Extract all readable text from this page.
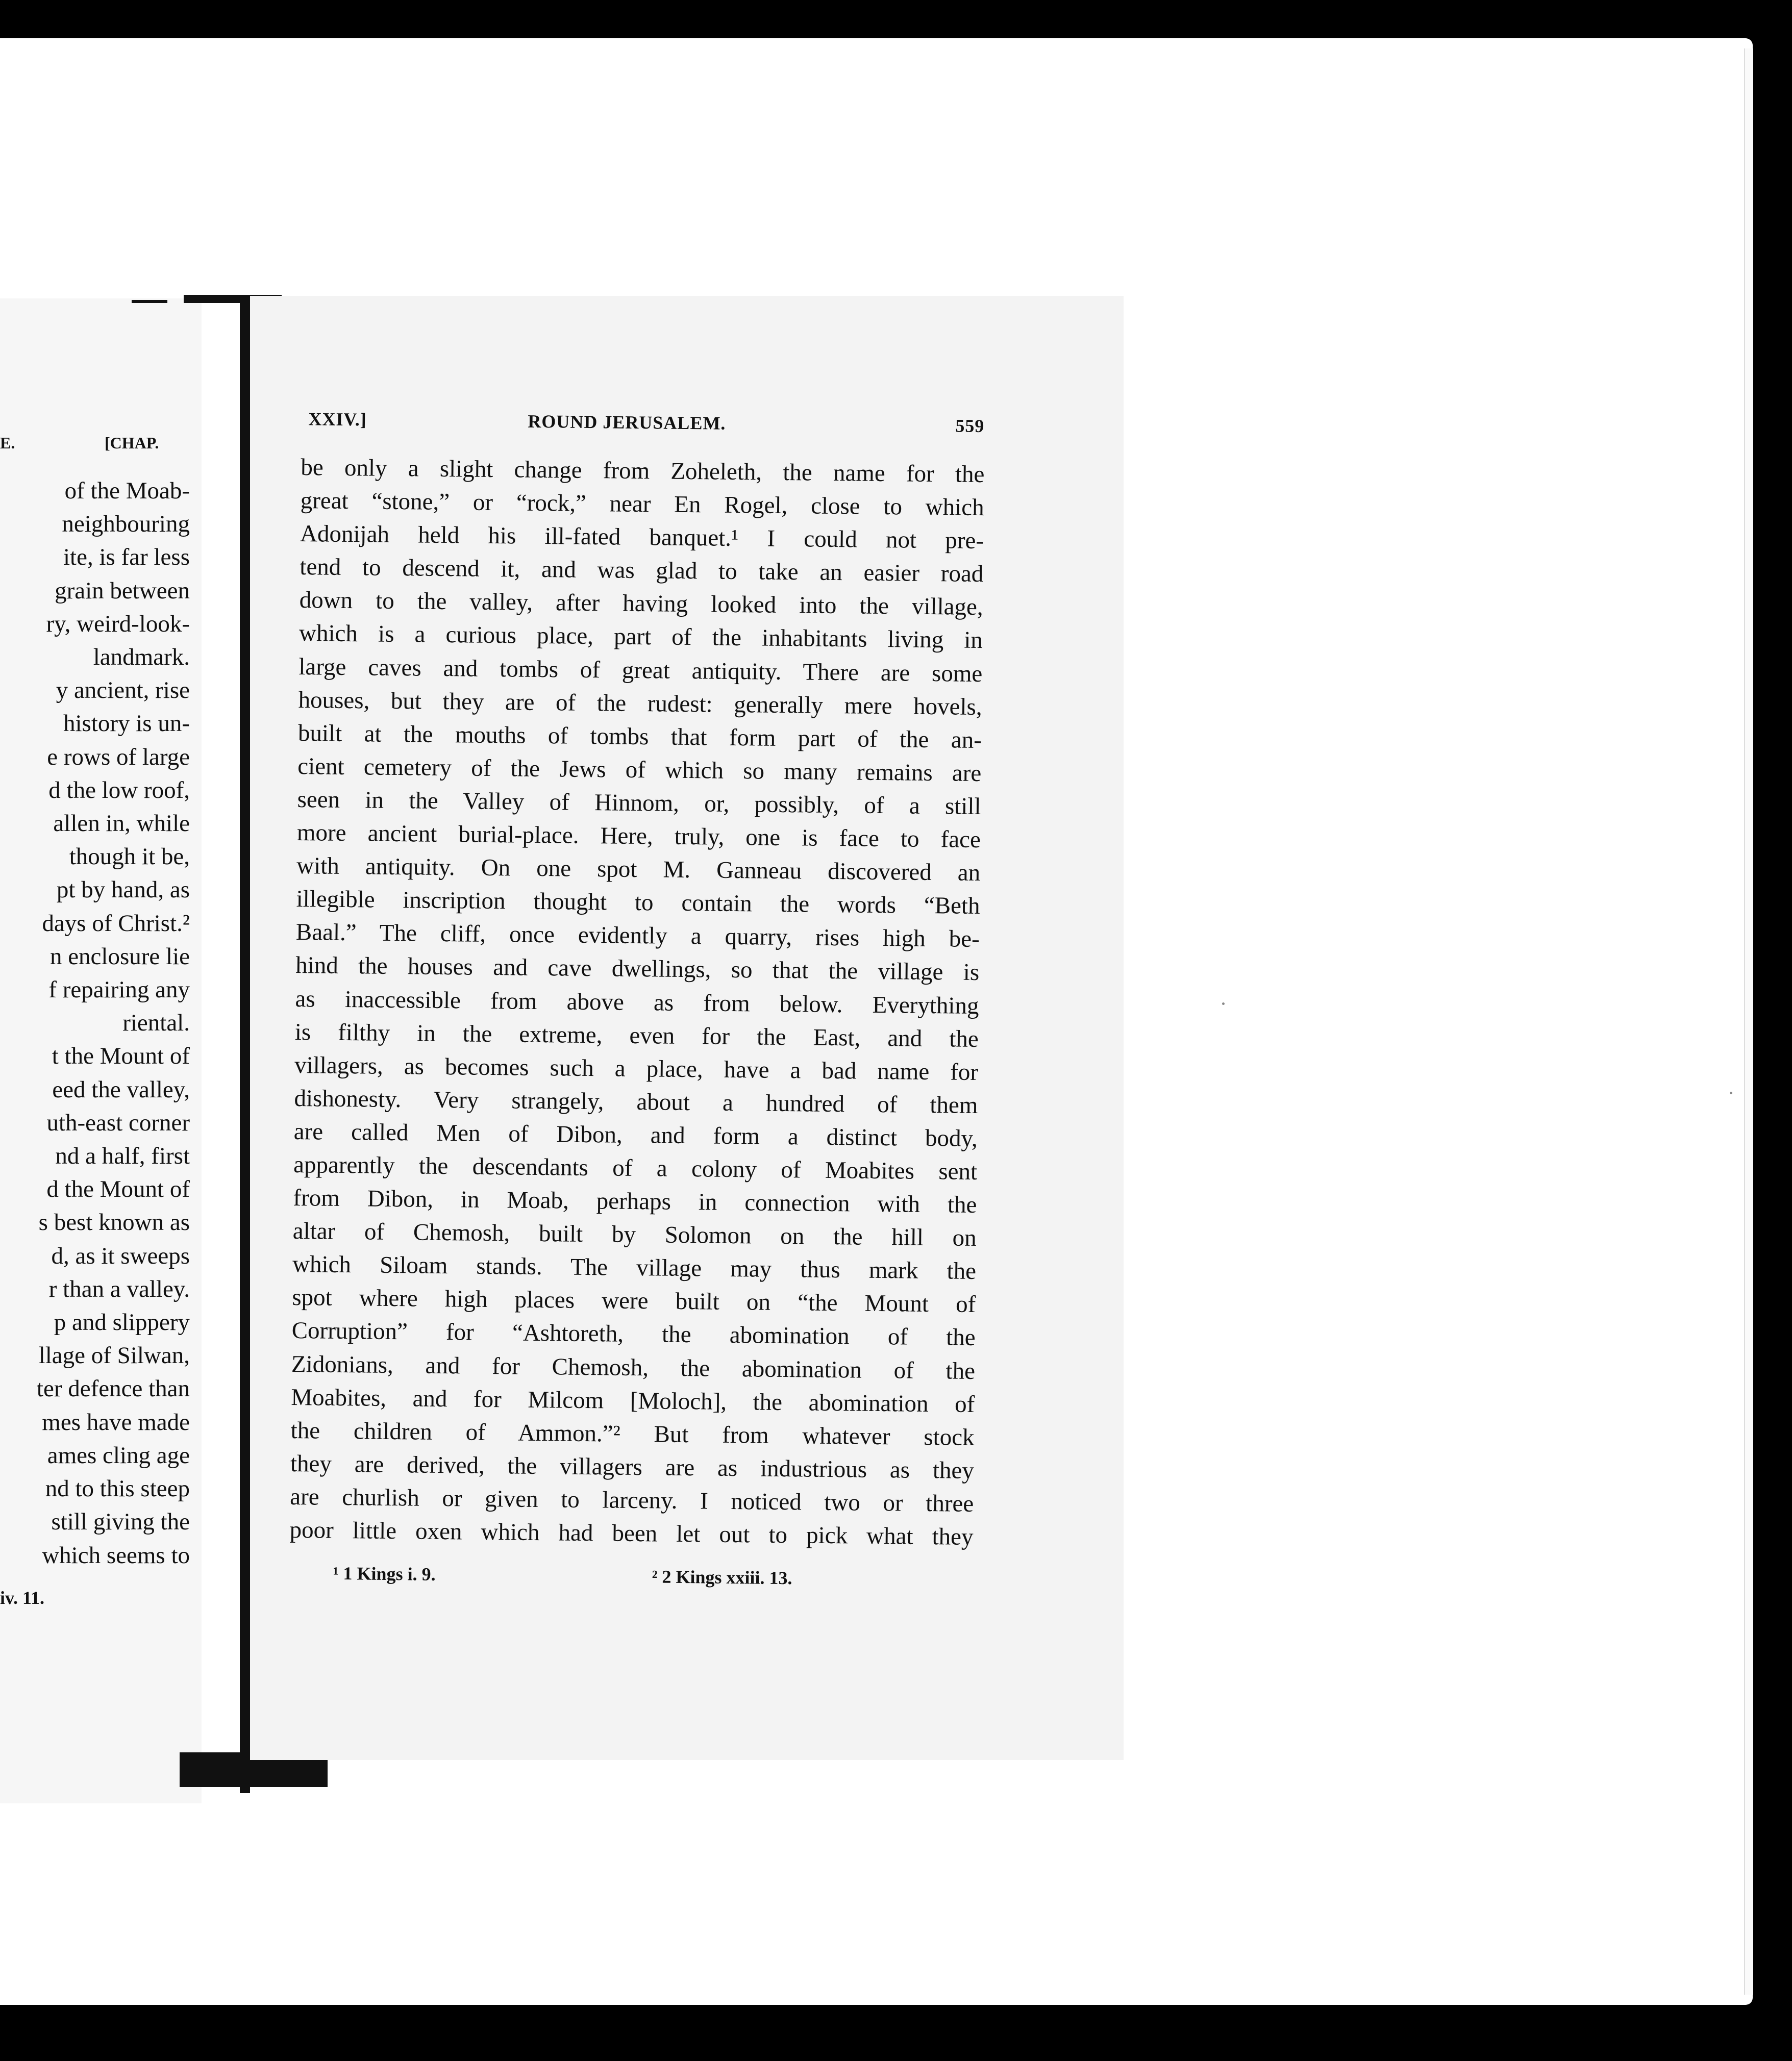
E.	[CHAP.
of the Moab-
neighbouring
ite, is far less
grain between
ry, weird-look-
landmark.
y ancient, rise
history is un-
e rows of large
d the low roof,
allen in, while
though it be,
pt by hand, as
days of Christ.²
n enclosure lie
f repairing any
riental.
t the Mount of
eed the valley,
uth-east corner
nd a half, first
d the Mount of
s best known as
d, as it sweeps
r than a valley.
p and slippery
llage of Silwan,
ter defence than
mes have made
ames cling age
nd to this steep
still giving the
which seems to
iv. 11.
XXIV.]	ROUND JERUSALEM.	559
be only a slight change from Zoheleth, the name for the
great “stone,” or “rock,” near En Rogel, close to which
Adonijah held his ill-fated banquet.¹ I could not pre-
tend to descend it, and was glad to take an easier road
down to the valley, after having looked into the village,
which is a curious place, part of the inhabitants living in
large caves and tombs of great antiquity. There are some
houses, but they are of the rudest: generally mere hovels,
built at the mouths of tombs that form part of the an-
cient cemetery of the Jews of which so many remains are
seen in the Valley of Hinnom, or, possibly, of a still
more ancient burial-place. Here, truly, one is face to face
with antiquity. On one spot M. Ganneau discovered an
illegible inscription thought to contain the words “Beth
Baal.” The cliff, once evidently a quarry, rises high be-
hind the houses and cave dwellings, so that the village is
as inaccessible from above as from below. Everything
is filthy in the extreme, even for the East, and the
villagers, as becomes such a place, have a bad name for
dishonesty. Very strangely, about a hundred of them
are called Men of Dibon, and form a distinct body,
apparently the descendants of a colony of Moabites sent
from Dibon, in Moab, perhaps in connection with the
altar of Chemosh, built by Solomon on the hill on
which Siloam stands. The village may thus mark the
spot where high places were built on “the Mount of
Corruption” for “Ashtoreth, the abomination of the
Zidonians, and for Chemosh, the abomination of the
Moabites, and for Milcom [Moloch], the abomination of
the children of Ammon.”² But from whatever stock
they are derived, the villagers are as industrious as they
are churlish or given to larceny. I noticed two or three
poor little oxen which had been let out to pick what they
¹ 1 Kings i. 9.	² 2 Kings xxiii. 13.
